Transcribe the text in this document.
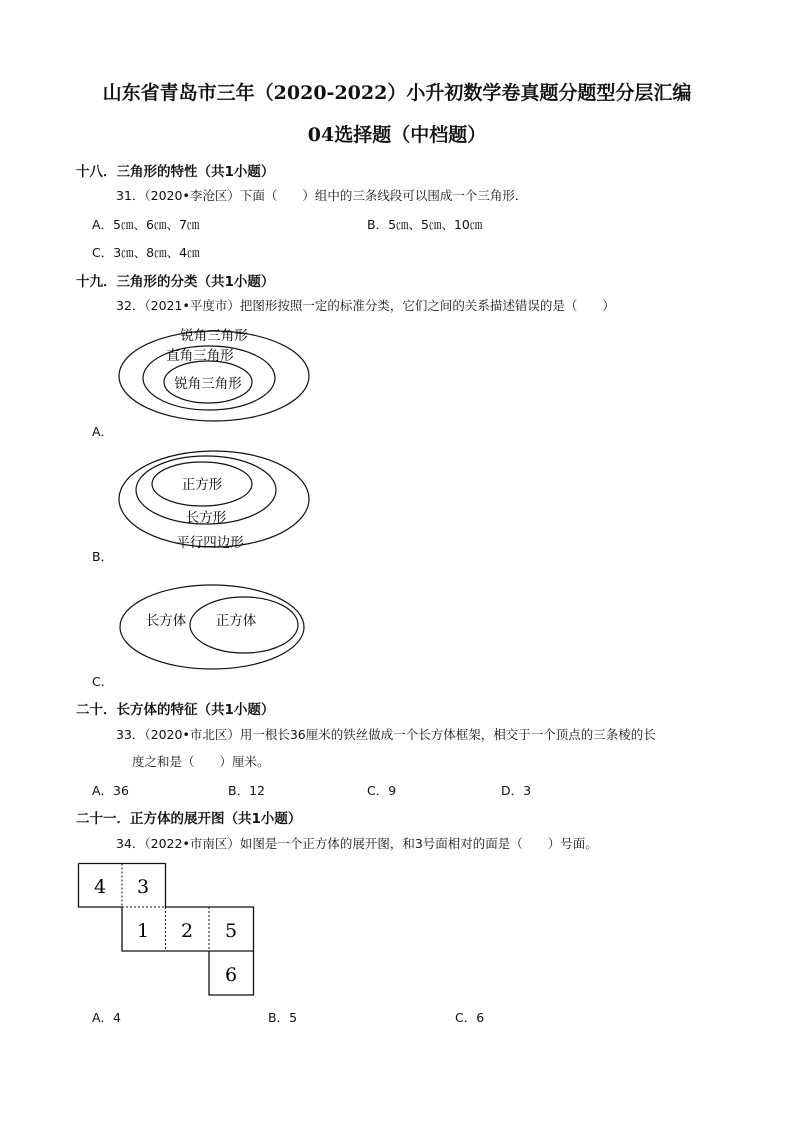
山东省青岛市三年（2020-2022）小升初数学卷真题分题型分层汇编
04选择题（中档题）
十八．三角形的特性（共1小题）
31．（2020•李沧区）下面（　　）组中的三条线段可以围成一个三角形．
A．5㎝、6㎝、7㎝	B．5㎝、5㎝、10㎝
C．3㎝、8㎝、4㎝
十九．三角形的分类（共1小题）
32．（2021•平度市）把图形按照一定的标准分类，它们之间的关系描述错误的是（　　）
锐角三角形
直角三角形
锐角三角形
A．
正方形
长方形
平行四边形
B．
长方体 正方体
C．
二十．长方体的特征（共1小题）
33．（2020•市北区）用一根长36厘米的铁丝做成一个长方体框架，相交于一个顶点的三条棱的长
度之和是（　　）厘米。
A．36	B．12	C．9	D．3
二十一．正方体的展开图（共1小题）
34．（2022•市南区）如图是一个正方体的展开图，和3号面相对的面是（　　）号面。
4 3
1 2 5
6
A．4	B．5	C．6
